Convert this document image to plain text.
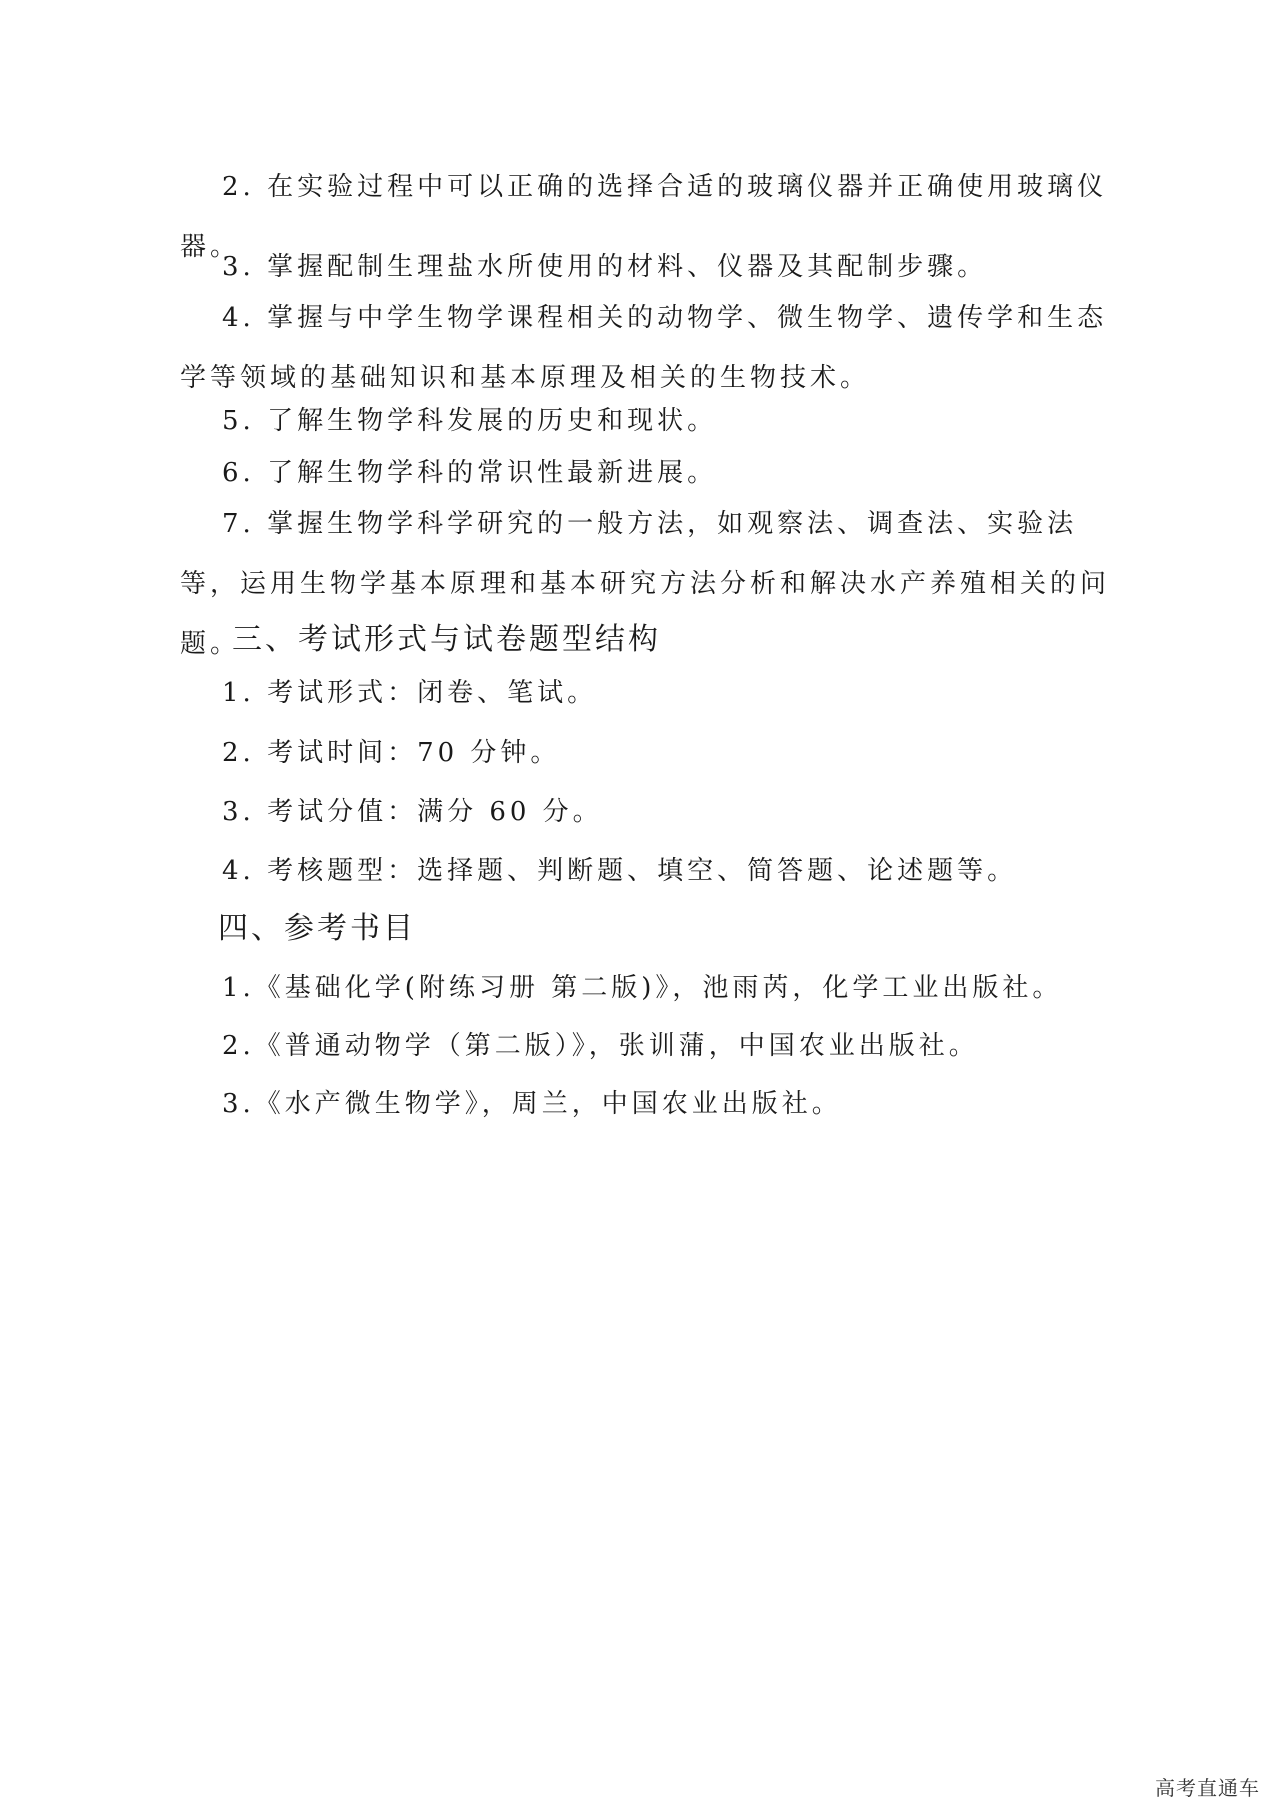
2. 在实验过程中可以正确的选择合适的玻璃仪器并正确使用玻璃仪器。

3. 掌握配制生理盐水所使用的材料、仪器及其配制步骤。

4. 掌握与中学生物学课程相关的动物学、微生物学、遗传学和生态学等领域的基础知识和基本原理及相关的生物技术。

5. 了解生物学科发展的历史和现状。

6. 了解生物学科的常识性最新进展。

7. 掌握生物学科学研究的一般方法，如观察法、调查法、实验法等，运用生物学基本原理和基本研究方法分析和解决水产养殖相关的问题。

三、考试形式与试卷题型结构

1. 考试形式：闭卷、笔试。

2. 考试时间：70 分钟。

3. 考试分值：满分 60 分。

4. 考核题型：选择题、判断题、填空、简答题、论述题等。

四、参考书目

1.《基础化学(附练习册 第二版)》，池雨芮，化学工业出版社。

2.《普通动物学（第二版）》，张训蒲，中国农业出版社。

3.《水产微生物学》，周兰，中国农业出版社。

高考直通车
